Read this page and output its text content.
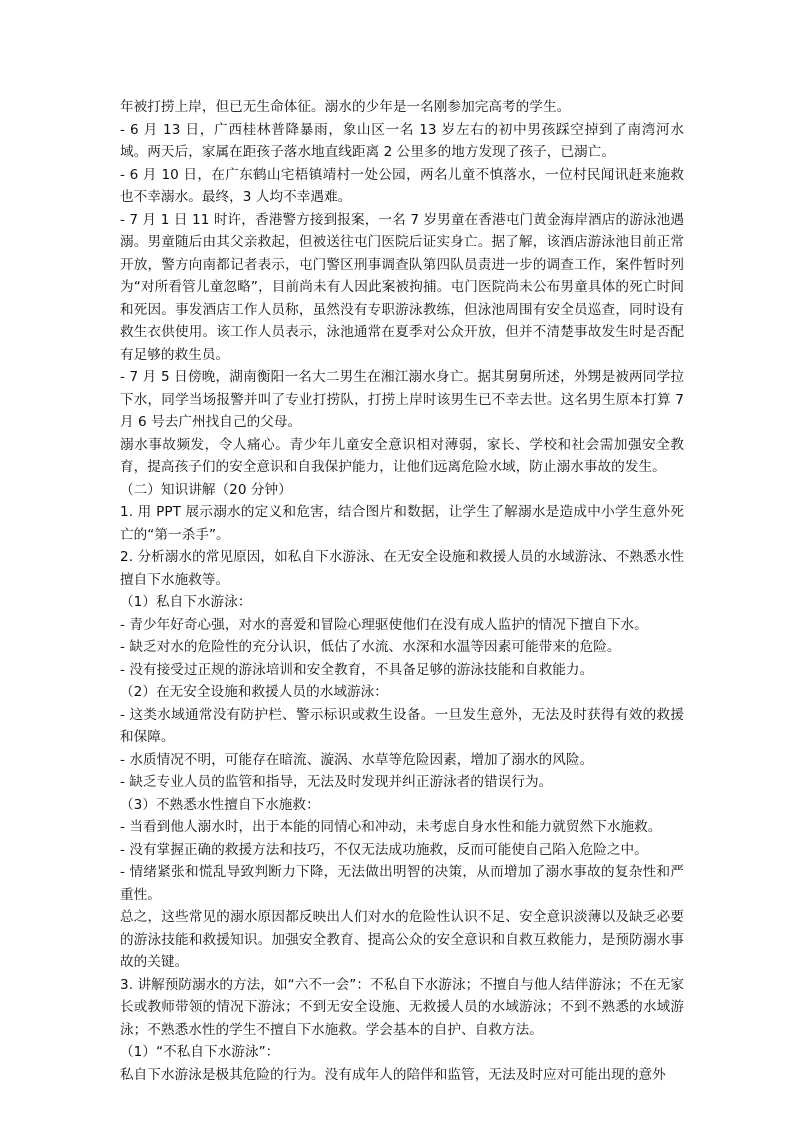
年被打捞上岸，但已无生命体征。溺水的少年是一名刚参加完高考的学生。

- 6 月 13 日，广西桂林普降暴雨，象山区一名 13 岁左右的初中男孩踩空掉到了南湾河水域。两天后，家属在距孩子落水地直线距离 2 公里多的地方发现了孩子，已溺亡。

- 6 月 10 日，在广东鹤山宅梧镇靖村一处公园，两名儿童不慎落水，一位村民闻讯赶来施救也不幸溺水。最终，3 人均不幸遇难。

- 7 月 1 日 11 时许，香港警方接到报案，一名 7 岁男童在香港屯门黄金海岸酒店的游泳池遇溺。男童随后由其父亲救起，但被送往屯门医院后证实身亡。据了解，该酒店游泳池目前正常开放，警方向南都记者表示，屯门警区刑事调查队第四队员责进一步的调查工作，案件暂时列为“对所看管儿童忽略”，目前尚未有人因此案被拘捕。屯门医院尚未公布男童具体的死亡时间和死因。事发酒店工作人员称，虽然没有专职游泳教练，但泳池周围有安全员巡查，同时设有救生衣供使用。该工作人员表示，泳池通常在夏季对公众开放，但并不清楚事故发生时是否配有足够的救生员。

- 7 月 5 日傍晚，湖南衡阳一名大二男生在湘江溺水身亡。据其舅舅所述，外甥是被两同学拉下水，同学当场报警并叫了专业打捞队，打捞上岸时该男生已不幸去世。这名男生原本打算 7 月 6 号去广州找自己的父母。

溺水事故频发，令人痛心。青少年儿童安全意识相对薄弱，家长、学校和社会需加强安全教育，提高孩子们的安全意识和自我保护能力，让他们远离危险水域，防止溺水事故的发生。

（二）知识讲解（20 分钟）

1. 用 PPT 展示溺水的定义和危害，结合图片和数据，让学生了解溺水是造成中小学生意外死亡的“第一杀手”。

2. 分析溺水的常见原因，如私自下水游泳、在无安全设施和救援人员的水域游泳、不熟悉水性擅自下水施救等。

（1）私自下水游泳：

- 青少年好奇心强，对水的喜爱和冒险心理驱使他们在没有成人监护的情况下擅自下水。

- 缺乏对水的危险性的充分认识，低估了水流、水深和水温等因素可能带来的危险。

- 没有接受过正规的游泳培训和安全教育，不具备足够的游泳技能和自救能力。

（2）在无安全设施和救援人员的水域游泳：

- 这类水域通常没有防护栏、警示标识或救生设备。一旦发生意外，无法及时获得有效的救援和保障。

- 水质情况不明，可能存在暗流、漩涡、水草等危险因素，增加了溺水的风险。

- 缺乏专业人员的监管和指导，无法及时发现并纠正游泳者的错误行为。

（3）不熟悉水性擅自下水施救：

- 当看到他人溺水时，出于本能的同情心和冲动，未考虑自身水性和能力就贸然下水施救。

- 没有掌握正确的救援方法和技巧，不仅无法成功施救，反而可能使自己陷入危险之中。

- 情绪紧张和慌乱导致判断力下降，无法做出明智的决策，从而增加了溺水事故的复杂性和严重性。

总之，这些常见的溺水原因都反映出人们对水的危险性认识不足、安全意识淡薄以及缺乏必要的游泳技能和救援知识。加强安全教育、提高公众的安全意识和自救互救能力，是预防溺水事故的关键。

3. 讲解预防溺水的方法，如“六不一会”：不私自下水游泳；不擅自与他人结伴游泳；不在无家长或教师带领的情况下游泳；不到无安全设施、无救援人员的水域游泳；不到不熟悉的水域游泳；不熟悉水性的学生不擅自下水施救。学会基本的自护、自救方法。

（1）“不私自下水游泳”：

私自下水游泳是极其危险的行为。没有成年人的陪伴和监管，无法及时应对可能出现的意外
